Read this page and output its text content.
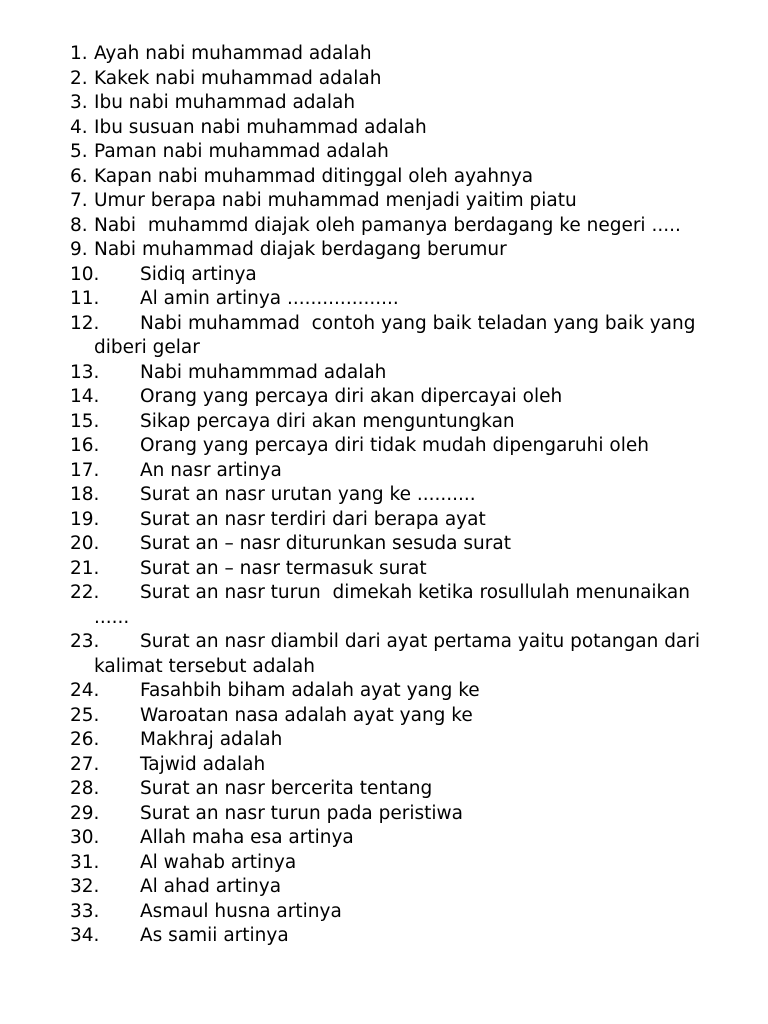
1. Ayah nabi muhammad adalah
2. Kakek nabi muhammad adalah
3. Ibu nabi muhammad adalah
4. Ibu susuan nabi muhammad adalah
5. Paman nabi muhammad adalah
6. Kapan nabi muhammad ditinggal oleh ayahnya
7. Umur berapa nabi muhammad menjadi yaitim piatu
8. Nabi  muhammd diajak oleh pamanya berdagang ke negeri .....
9. Nabi muhammad diajak berdagang berumur
10.	Sidiq artinya
11.	Al amin artinya ...................
12.	Nabi muhammad  contoh yang baik teladan yang baik yang diberi gelar
13.	Nabi muhammmad adalah
14.	Orang yang percaya diri akan dipercayai oleh
15.	Sikap percaya diri akan menguntungkan
16.	Orang yang percaya diri tidak mudah dipengaruhi oleh
17.	An nasr artinya
18.	Surat an nasr urutan yang ke ..........
19.	Surat an nasr terdiri dari berapa ayat
20.	Surat an – nasr diturunkan sesuda surat
21.	Surat an – nasr termasuk surat
22.	Surat an nasr turun  dimekah ketika rosullulah menunaikan ......
23.	Surat an nasr diambil dari ayat pertama yaitu potangan dari kalimat tersebut adalah
24.	Fasahbih biham adalah ayat yang ke
25.	Waroatan nasa adalah ayat yang ke
26.	Makhraj adalah
27.	Tajwid adalah
28.	Surat an nasr bercerita tentang
29.	Surat an nasr turun pada peristiwa
30.	Allah maha esa artinya
31.	Al wahab artinya
32.	Al ahad artinya
33.	Asmaul husna artinya
34.	As samii artinya
